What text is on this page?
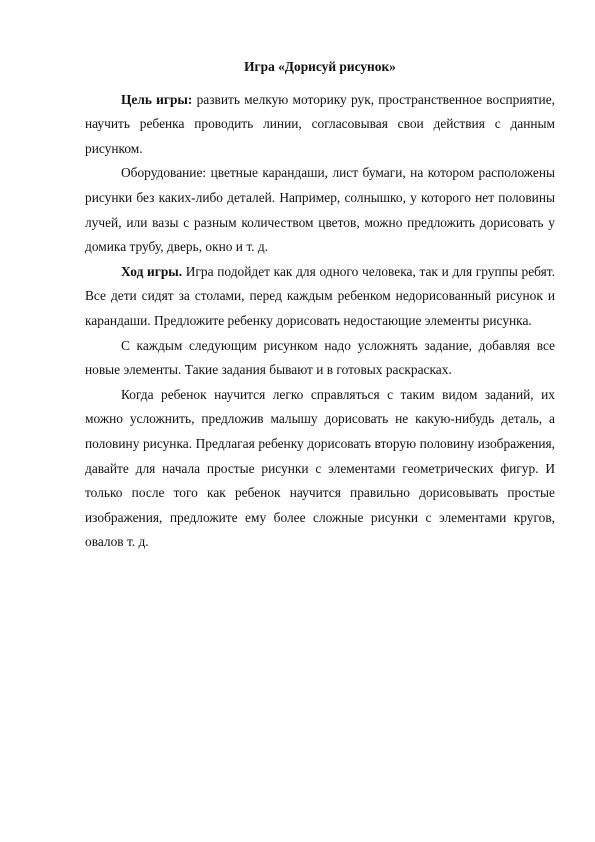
Игра «Дорисуй рисунок»

Цель игры: развить мелкую моторику рук, пространственное восприятие, научить ребенка проводить линии, согласовывая свои действия с данным рисунком.

Оборудование: цветные карандаши, лист бумаги, на котором расположены рисунки без каких-либо деталей. Например, солнышко, у которого нет половины лучей, или вазы с разным количеством цветов, можно предложить дорисовать у домика трубу, дверь, окно и т. д.

Ход игры. Игра подойдет как для одного человека, так и для группы ребят. Все дети сидят за столами, перед каждым ребенком недорисованный рисунок и карандаши. Предложите ребенку дорисовать недостающие элементы рисунка.

С каждым следующим рисунком надо усложнять задание, добавляя все новые элементы. Такие задания бывают и в готовых раскрасках.

Когда ребенок научится легко справляться с таким видом заданий, их можно усложнить, предложив малышу дорисовать не какую-нибудь деталь, а половину рисунка. Предлагая ребенку дорисовать вторую половину изображения, давайте для начала простые рисунки с элементами геометрических фигур. И только после того как ребенок научится правильно дорисовывать простые изображения, предложите ему более сложные рисунки с элементами кругов, овалов т. д.
